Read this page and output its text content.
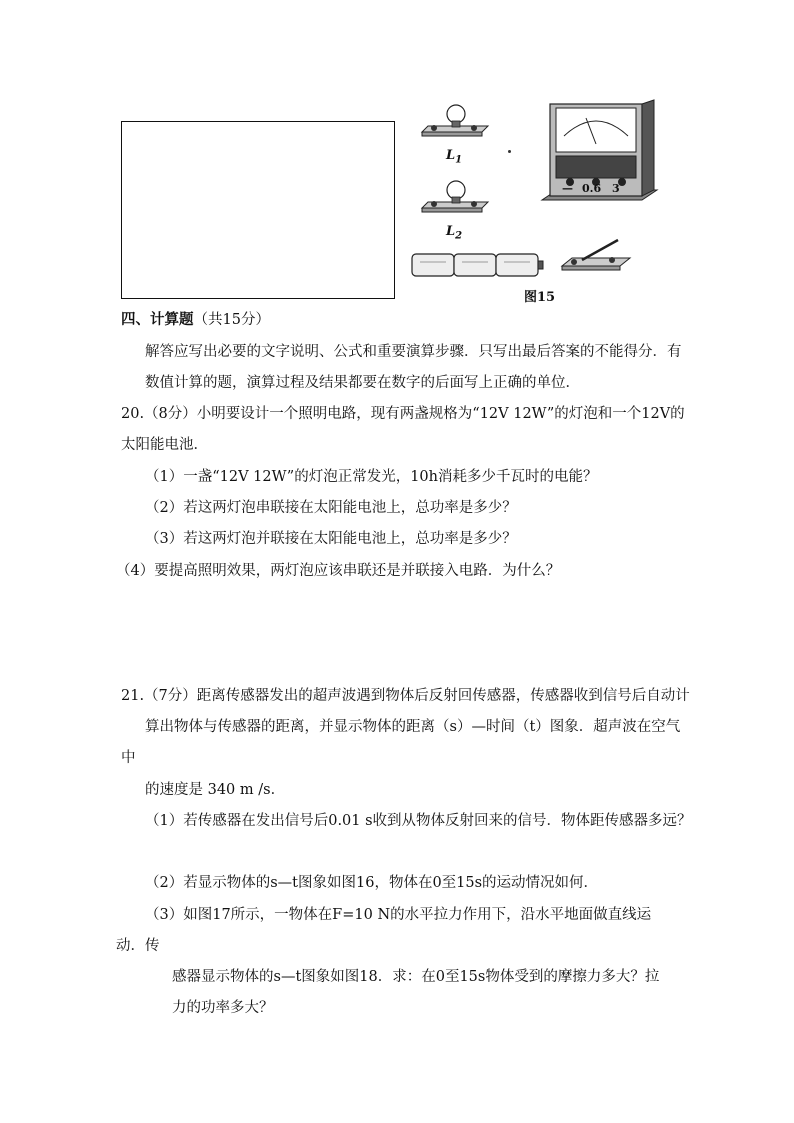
$L_1$
$L_2$
— 0.6 3
图15
四、计算题（共15分）
解答应写出必要的文字说明、公式和重要演算步骤．只写出最后答案的不能得分．有
数值计算的题，演算过程及结果都要在数字的后面写上正确的单位．
20.（8分）小明要设计一个照明电路，现有两盏规格为“12V 12W”的灯泡和一个12V的
太阳能电池．
（1）一盏“12V 12W”的灯泡正常发光，10h消耗多少千瓦时的电能？
（2）若这两灯泡串联接在太阳能电池上，总功率是多少？
（3）若这两灯泡并联接在太阳能电池上，总功率是多少？
（4）要提高照明效果，两灯泡应该串联还是并联接入电路．为什么？
21.（7分）距离传感器发出的超声波遇到物体后反射回传感器，传感器收到信号后自动计
算出物体与传感器的距离，并显示物体的距离（s）—时间（t）图象．超声波在空气
中
的速度是 340 m /s．
（1）若传感器在发出信号后0.01 s收到从物体反射回来的信号．物体距传感器多远？
（2）若显示物体的s—t图象如图16，物体在0至15s的运动情况如何．
（3）如图17所示，一物体在F=10 N的水平拉力作用下，沿水平地面做直线运
动．传
感器显示物体的s—t图象如图18．求：在0至15s物体受到的摩擦力多大？拉
力的功率多大？
